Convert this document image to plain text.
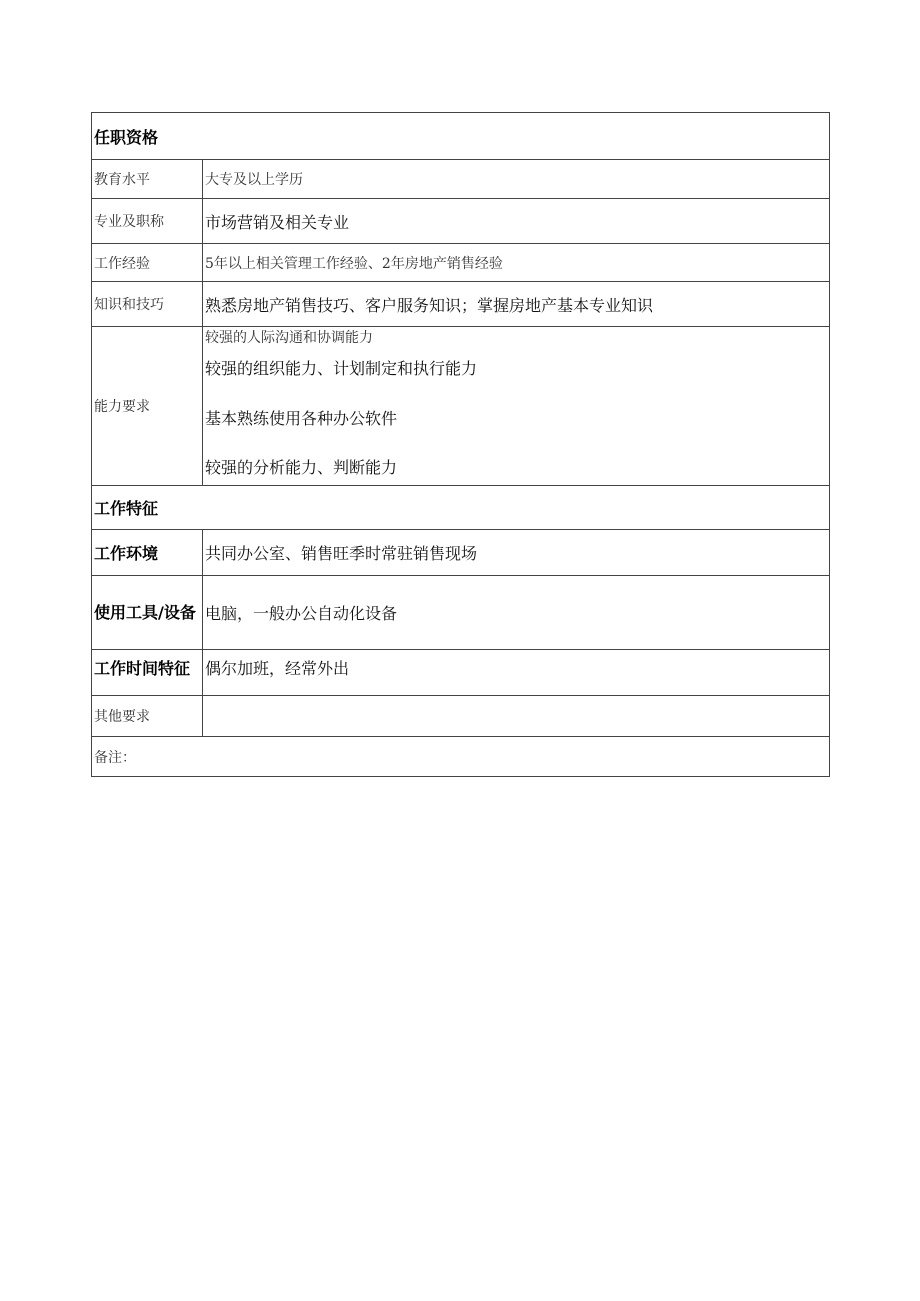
任职资格	
教育水平	大专及以上学历
专业及职称	市场营销及相关专业
工作经验	5年以上相关管理工作经验、2年房地产销售经验
知识和技巧	熟悉房地产销售技巧、客户服务知识；掌握房地产基本专业知识
能力要求	较强的人际沟通和协调能力
较强的组织能力、计划制定和执行能力
基本熟练使用各种办公软件
较强的分析能力、判断能力

工作特征	
工作环境	共同办公室、销售旺季时常驻销售现场
使用工具/设备	电脑，一般办公自动化设备
工作时间特征	偶尔加班，经常外出
其他要求	
备注：	
